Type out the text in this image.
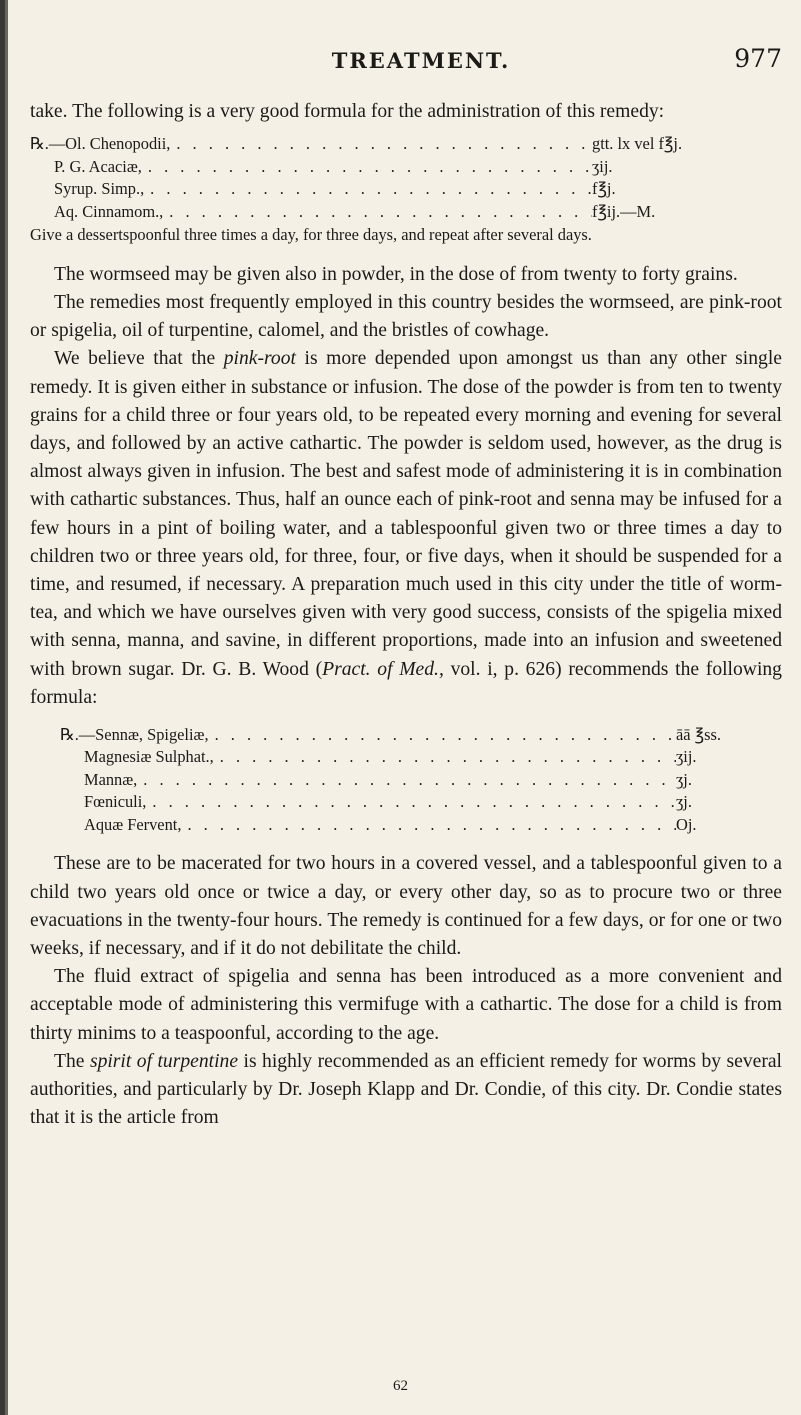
TREATMENT.	977

take. The following is a very good formula for the administration of this remedy:

℞.—Ol. Chenopodii, . . .	gtt. lx vel f℥j.
P. G. Acaciæ, . . .	ʒij.
Syrup. Simp., . . .	f℥j.
Aq. Cinnamom., . . .	f℥ij.—M.
Give a dessertspoonful three times a day, for three days, and repeat after several days.

The wormseed may be given also in powder, in the dose of from twenty to forty grains.

The remedies most frequently employed in this country besides the wormseed, are pink-root or spigelia, oil of turpentine, calomel, and the bristles of cowhage.

We believe that the pink-root is more depended upon amongst us than any other single remedy. It is given either in substance or infusion. The dose of the powder is from ten to twenty grains for a child three or four years old, to be repeated every morning and evening for several days, and followed by an active cathartic. The powder is seldom used, however, as the drug is almost always given in infusion. The best and safest mode of administering it is in combination with cathartic substances. Thus, half an ounce each of pink-root and senna may be infused for a few hours in a pint of boiling water, and a tablespoonful given two or three times a day to children two or three years old, for three, four, or five days, when it should be suspended for a time, and resumed, if necessary. A preparation much used in this city under the title of worm-tea, and which we have ourselves given with very good success, consists of the spigelia mixed with senna, manna, and savine, in different proportions, made into an infusion and sweetened with brown sugar. Dr. G. B. Wood (Pract. of Med., vol. i, p. 626) recommends the following formula:

℞.—Sennæ, Spigeliæ, . . .	āā ℥ss.
Magnesiæ Sulphat., . . .	ʒij.
Mannæ, . . .	ʒj.
Fœniculi, . . .	ʒj.
Aquæ Fervent, . . .	Oj.

These are to be macerated for two hours in a covered vessel, and a tablespoonful given to a child two years old once or twice a day, or every other day, so as to procure two or three evacuations in the twenty-four hours. The remedy is continued for a few days, or for one or two weeks, if necessary, and if it do not debilitate the child.

The fluid extract of spigelia and senna has been introduced as a more convenient and acceptable mode of administering this vermifuge with a cathartic. The dose for a child is from thirty minims to a teaspoonful, according to the age.

The spirit of turpentine is highly recommended as an efficient remedy for worms by several authorities, and particularly by Dr. Joseph Klapp and Dr. Condie, of this city. Dr. Condie states that it is the article from

62
